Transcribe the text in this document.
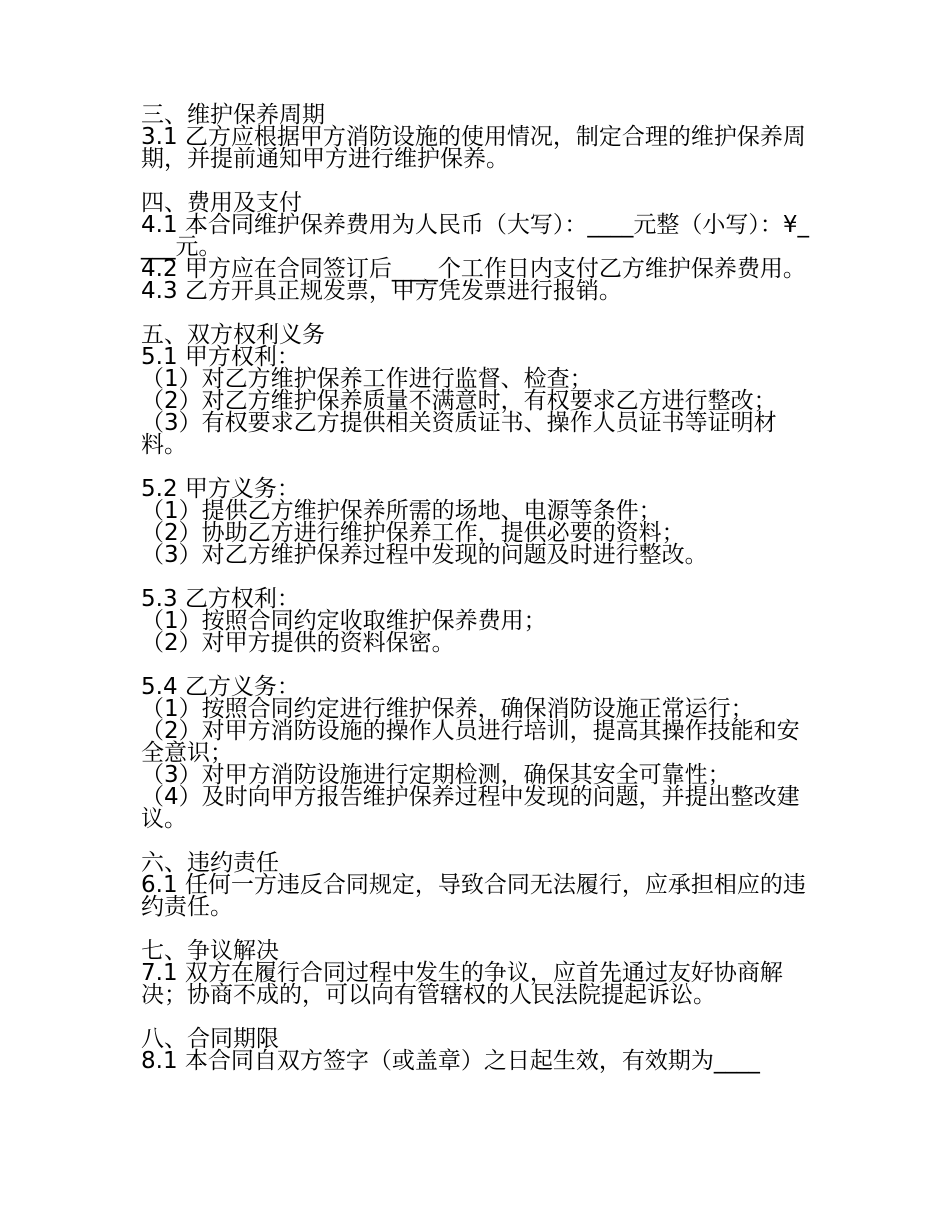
三、维护保养周期
3.1 乙方应根据甲方消防设施的使用情况，制定合理的维护保养周期，并提前通知甲方进行维护保养。
四、费用及支付
4.1 本合同维护保养费用为人民币（大写）：____元整（小写）：¥____元。
4.2 甲方应在合同签订后____个工作日内支付乙方维护保养费用。
4.3 乙方开具正规发票，甲方凭发票进行报销。
五、双方权利义务
5.1 甲方权利：
（1）对乙方维护保养工作进行监督、检查；
（2）对乙方维护保养质量不满意时，有权要求乙方进行整改；
（3）有权要求乙方提供相关资质证书、操作人员证书等证明材料。
5.2 甲方义务：
（1）提供乙方维护保养所需的场地、电源等条件；
（2）协助乙方进行维护保养工作，提供必要的资料；
（3）对乙方维护保养过程中发现的问题及时进行整改。
5.3 乙方权利：
（1）按照合同约定收取维护保养费用；
（2）对甲方提供的资料保密。
5.4 乙方义务：
（1）按照合同约定进行维护保养，确保消防设施正常运行；
（2）对甲方消防设施的操作人员进行培训，提高其操作技能和安全意识；
（3）对甲方消防设施进行定期检测，确保其安全可靠性；
（4）及时向甲方报告维护保养过程中发现的问题，并提出整改建议。
六、违约责任
6.1 任何一方违反合同规定，导致合同无法履行，应承担相应的违约责任。
七、争议解决
7.1 双方在履行合同过程中发生的争议，应首先通过友好协商解决；协商不成的，可以向有管辖权的人民法院提起诉讼。
八、合同期限
8.1 本合同自双方签字（或盖章）之日起生效，有效期为____
